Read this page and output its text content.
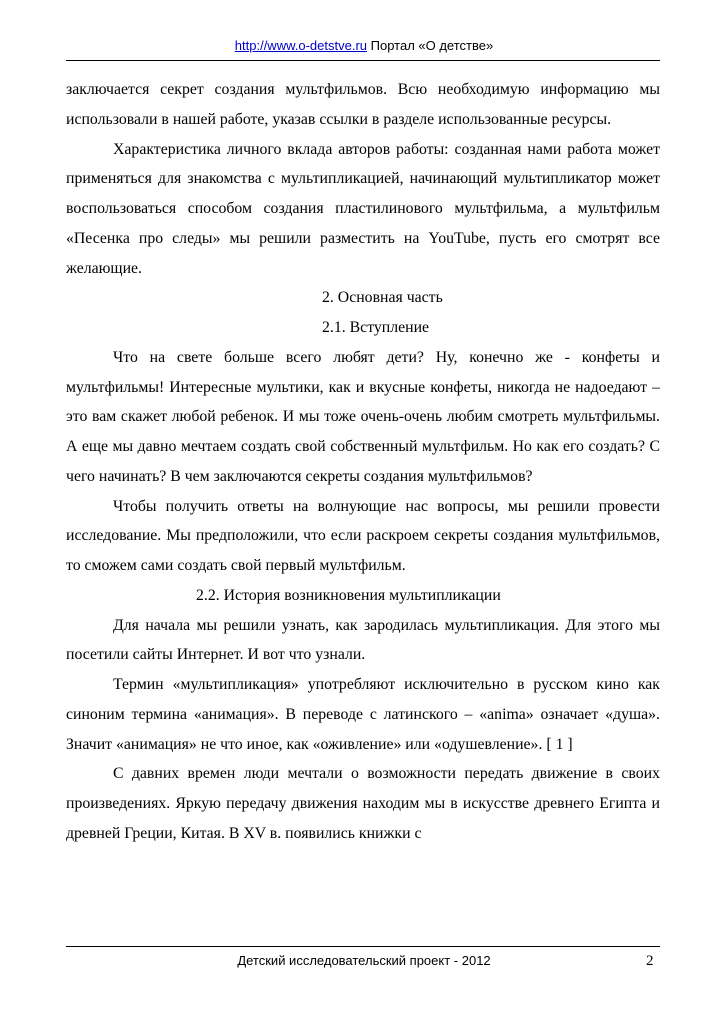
http://www.o-detstve.ru Портал «О детстве»

заключается секрет создания мультфильмов. Всю необходимую информацию мы использовали в нашей работе, указав ссылки в разделе использованные ресурсы.

Характеристика личного вклада авторов работы: созданная нами работа может применяться для знакомства с мультипликацией, начинающий мультипликатор может воспользоваться способом создания пластилинового мультфильма, а мультфильм «Песенка про следы» мы решили разместить на YouTube, пусть его смотрят все желающие.

2. Основная часть

2.1. Вступление

Что на свете больше всего любят дети? Ну, конечно же - конфеты и мультфильмы! Интересные мультики, как и вкусные конфеты, никогда не надоедают – это вам скажет любой ребенок. И мы тоже очень-очень любим смотреть мультфильмы. А еще мы давно мечтаем создать свой собственный мультфильм. Но как его создать? С чего начинать? В чем заключаются секреты создания мультфильмов?

Чтобы получить ответы на волнующие нас вопросы, мы решили провести исследование. Мы предположили, что если раскроем секреты создания мультфильмов, то сможем сами создать свой первый мультфильм.

2.2. История возникновения мультипликации

Для начала мы решили узнать, как зародилась мультипликация. Для этого мы посетили сайты Интернет. И вот что узнали.

Термин «мультипликация» употребляют исключительно в русском кино как синоним термина «анимация». В переводе с латинского – «anima» означает «душа». Значит «анимация» не что иное, как «оживление» или «одушевление». [ 1 ]

С давних времен люди мечтали о возможности передать движение в своих произведениях. Яркую передачу движения находим мы в искусстве древнего Египта и древней Греции, Китая. В XV в. появились книжки с

Детский исследовательский проект - 2012	2
